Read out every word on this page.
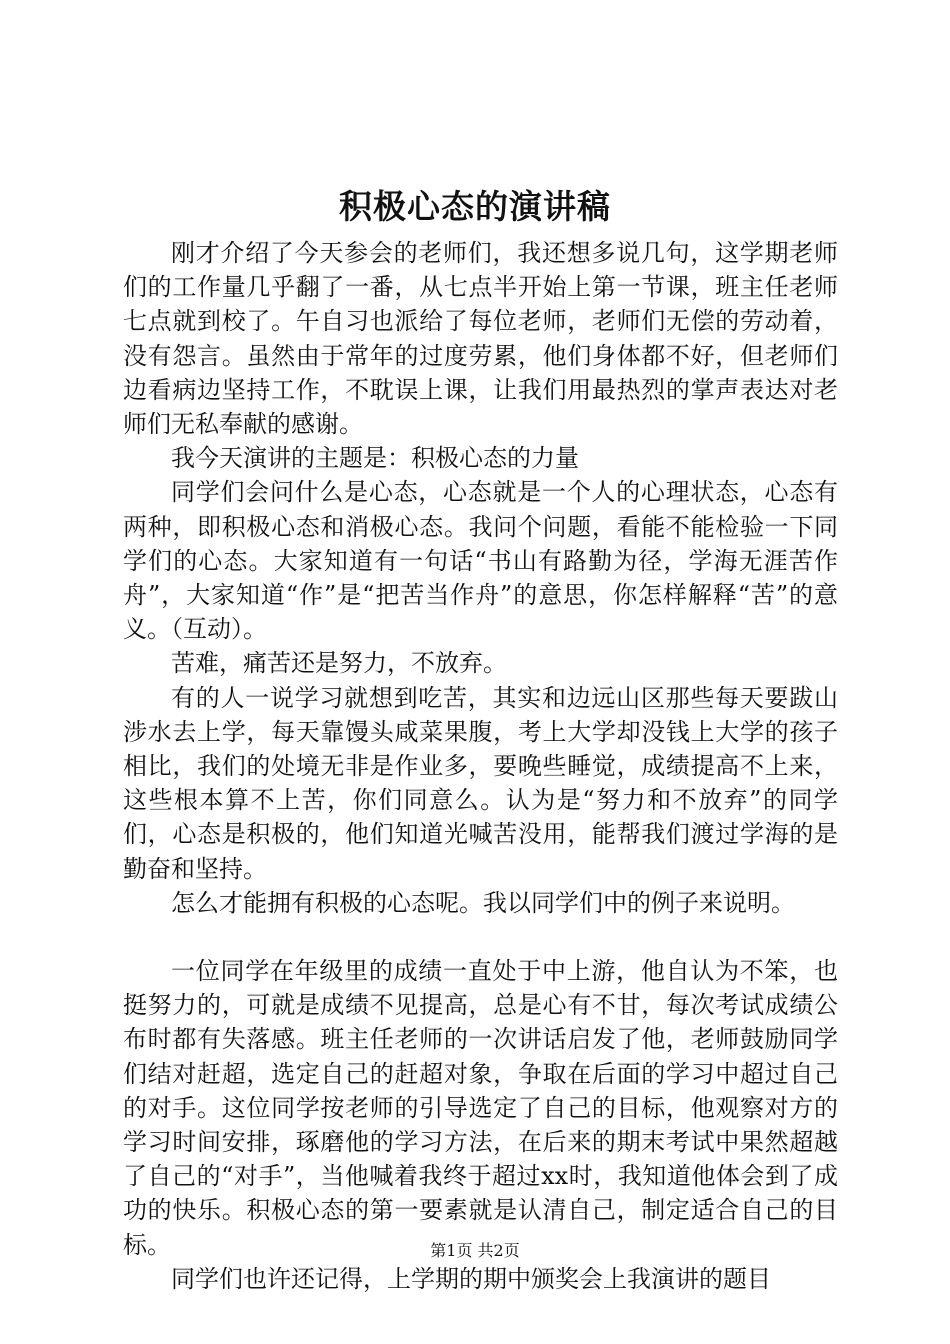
积极心态的演讲稿

刚才介绍了今天参会的老师们，我还想多说几句，这学期老师们的工作量几乎翻了一番，从七点半开始上第一节课，班主任老师七点就到校了。午自习也派给了每位老师，老师们无偿的劳动着，没有怨言。虽然由于常年的过度劳累，他们身体都不好，但老师们边看病边坚持工作，不耽误上课，让我们用最热烈的掌声表达对老师们无私奉献的感谢。

我今天演讲的主题是：积极心态的力量

同学们会问什么是心态，心态就是一个人的心理状态，心态有两种，即积极心态和消极心态。我问个问题，看能不能检验一下同学们的心态。大家知道有一句话“书山有路勤为径，学海无涯苦作舟”，大家知道“作”是“把苦当作舟”的意思，你怎样解释“苦”的意义。（互动）。

苦难，痛苦还是努力，不放弃。

有的人一说学习就想到吃苦，其实和边远山区那些每天要跋山涉水去上学，每天靠馒头咸菜果腹，考上大学却没钱上大学的孩子相比，我们的处境无非是作业多，要晚些睡觉，成绩提高不上来，这些根本算不上苦，你们同意么。认为是“努力和不放弃”的同学们，心态是积极的，他们知道光喊苦没用，能帮我们渡过学海的是勤奋和坚持。

怎么才能拥有积极的心态呢。我以同学们中的例子来说明。

一位同学在年级里的成绩一直处于中上游，他自认为不笨，也挺努力的，可就是成绩不见提高，总是心有不甘，每次考试成绩公布时都有失落感。班主任老师的一次讲话启发了他，老师鼓励同学们结对赶超，选定自己的赶超对象，争取在后面的学习中超过自己的对手。这位同学按老师的引导选定了自己的目标，他观察对方的学习时间安排，琢磨他的学习方法，在后来的期末考试中果然超越了自己的“对手”，当他喊着我终于超过xx时，我知道他体会到了成功的快乐。积极心态的第一要素就是认清自己，制定适合自己的目标。

同学们也许还记得，上学期的期中颁奖会上我演讲的题目

第1页 共2页
